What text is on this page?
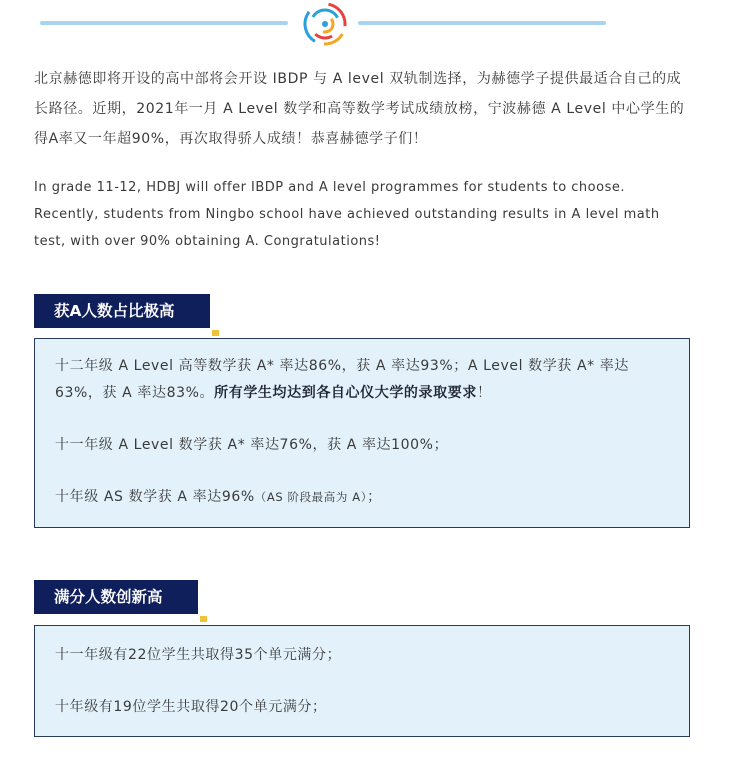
北京赫德即将开设的高中部将会开设 IBDP 与 A level 双轨制选择，为赫德学子提供最适合自己的成长路径。近期，2021年一月 A Level 数学和高等数学考试成绩放榜，宁波赫德 A Level 中心学生的得A率又一年超90%，再次取得骄人成绩！恭喜赫德学子们！

In grade 11-12, HDBJ will offer IBDP and A level programmes for students to choose. Recently, students from Ningbo school have achieved outstanding results in A level math test, with over 90% obtaining A. Congratulations!

获A人数占比极高

十二年级 A Level 高等数学获 A* 率达86%，获 A 率达93%；A Level 数学获 A* 率达63%，获 A 率达83%。所有学生均达到各自心仪大学的录取要求！

十一年级 A Level 数学获 A* 率达76%，获 A 率达100%；

十年级 AS 数学获 A 率达96%（AS 阶段最高为 A）；

满分人数创新高

十一年级有22位学生共取得35个单元满分；

十年级有19位学生共取得20个单元满分；
